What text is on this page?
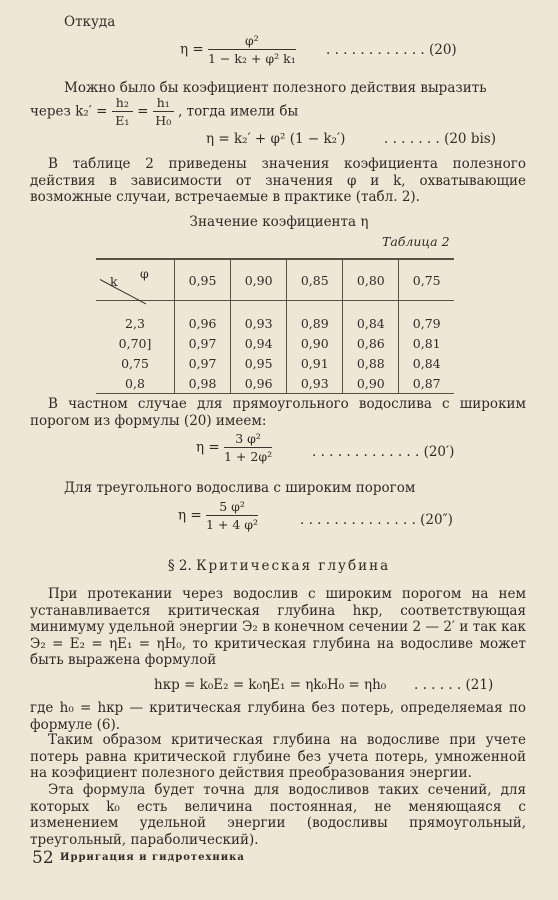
Откуда
$\eta = \frac{\text{φ²}}{\text{1 − k₂ + φ² k₁}}$ . . . . . . . . . . . . (20)
Можно было бы коэфициент полезного действия выразить
через $k_2' = \frac{\text{h₂}}{\text{E₁}} = \frac{\text{h₁}}{\text{H₀}}$ , тогда имели бы
η = k₂′ + φ² (1 − k₂′)	. . . . . . . (20 bis)
В таблице 2 приведены значения коэфициента полезного действия в зависимости от значения φ и k, охватывающие возможные случаи, встречаемые в практике (табл. 2).
Значение коэфициента η
Таблица 2
k
φ	0,95	0,90	0,85	0,80	0,75

2,3	0,96	0,93	0,89	0,84	0,79
0,70]	0,97	0,94	0,90	0,86	0,81
0,75	0,97	0,95	0,91	0,88	0,84
0,8	0,98	0,96	0,93	0,90	0,87
В частном случае для прямоугольного водослива с широким порогом из формулы (20) имеем:
$\eta = \frac{\text{3 φ²}}{\text{1 + 2φ²}}$	. . . . . . . . . . . . . (20′)
Для треугольного водослива с широким порогом
$\eta = \frac{\text{5 φ²}}{\text{1 + 4 φ²}}$	. . . . . . . . . . . . . . (20″)
§ 2. Критическая глубина
При протекании через водослив с широким порогом на нем устанавливается критическая глубина hкр, соответствующая минимуму удельной энергии Э₂ в конечном сечении 2 — 2′ и так как Э₂ = E₂ = ηE₁ = ηH₀, то критическая глубина на водосливе может быть выражена формулой
hкр = k₀E₂ = k₀ηE₁ = ηk₀H₀ = ηh₀ . . . . . . (21)
где h₀ = hкр — критическая глубина без потерь, определяемая по формуле (6).
Таким образом критическая глубина на водосливе при учете потерь равна критической глубине без учета потерь, умноженной на коэфициент полезного действия преобразования энергии.
Эта формула будет точна для водосливов таких сечений, для которых k₀ есть величина постоянная, не меняющаяся с изменением удельной энергии (водосливы прямоугольный, треугольный, параболический).
52 Ирригация и гидротехника
